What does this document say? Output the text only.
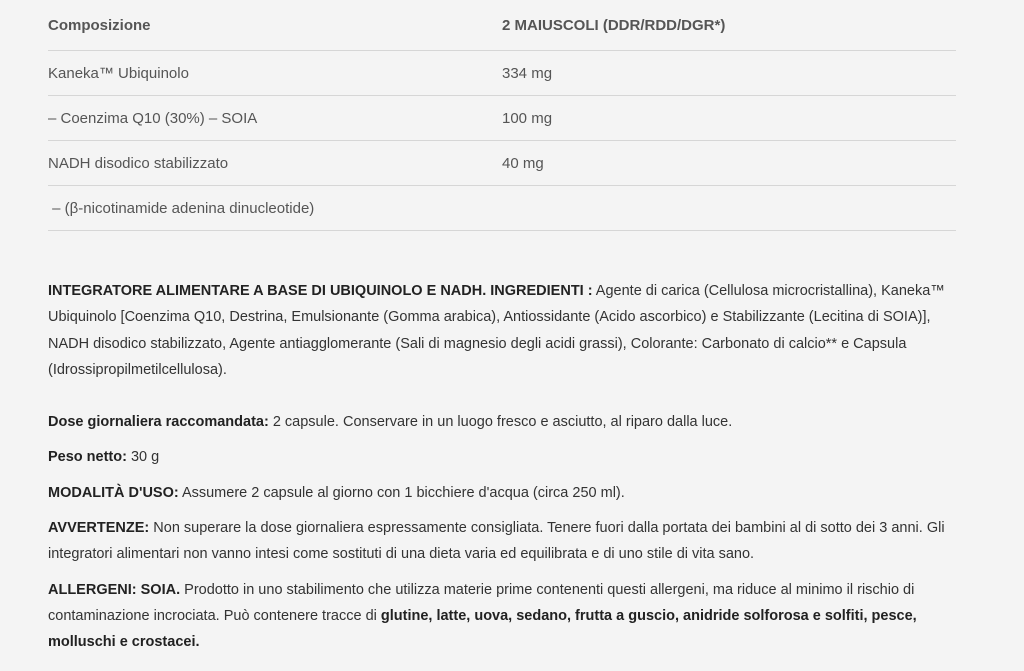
Composizione	2 MAIUSCOLI (DDR/RDD/DGR*)
Kaneka™ Ubiquinolo	334 mg
– Coenzima Q10 (30%) – SOIA	100 mg
NADH disodico stabilizzato	40 mg
– (β-nicotinamide adenina dinucleotide)	

INTEGRATORE ALIMENTARE A BASE DI UBIQUINOLO E NADH. INGREDIENTI : Agente di carica (Cellulosa microcristallina), Kaneka™ Ubiquinolo [Coenzima Q10, Destrina, Emulsionante (Gomma arabica), Antiossidante (Acido ascorbico) e Stabilizzante (Lecitina di SOIA)], NADH disodico stabilizzato, Agente antiagglomerante (Sali di magnesio degli acidi grassi), Colorante: Carbonato di calcio** e Capsula (Idrossipropilmetilcellulosa).

Dose giornaliera raccomandata: 2 capsule. Conservare in un luogo fresco e asciutto, al riparo dalla luce.

Peso netto: 30 g

MODALITÀ D'USO: Assumere 2 capsule al giorno con 1 bicchiere d'acqua (circa 250 ml).

AVVERTENZE: Non superare la dose giornaliera espressamente consigliata. Tenere fuori dalla portata dei bambini al di sotto dei 3 anni. Gli integratori alimentari non vanno intesi come sostituti di una dieta varia ed equilibrata e di uno stile di vita sano.

ALLERGENI: SOIA. Prodotto in uno stabilimento che utilizza materie prime contenenti questi allergeni, ma riduce al minimo il rischio di contaminazione incrociata. Può contenere tracce di glutine, latte, uova, sedano, frutta a guscio, anidride solforosa e solfiti, pesce, molluschi e crostacei.
